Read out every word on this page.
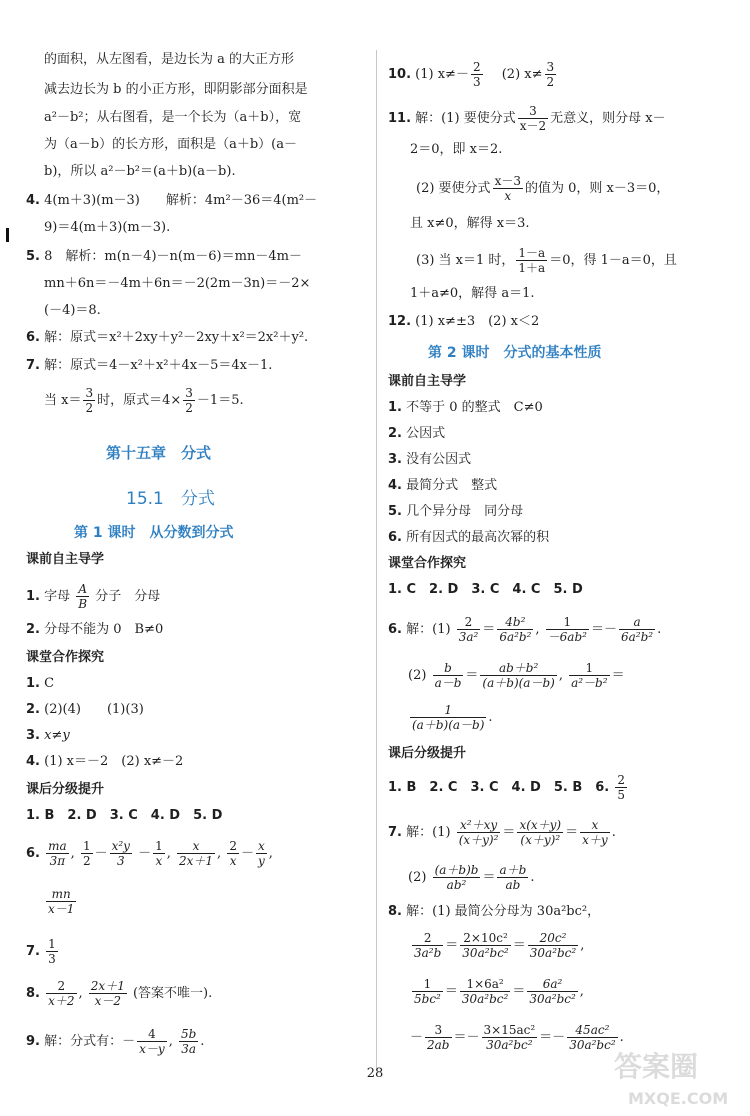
的面积，从左图看，是边长为 a 的大正方形
减去边长为 b 的小正方形，即阴影部分面积是
a²－b²；从右图看，是一个长为（a＋b），宽
为（a－b）的长方形，面积是（a＋b）(a－
b)，所以 a²－b²＝(a＋b)(a－b).
4. 4(m＋3)(m－3)　　解析：4m²－36＝4(m²－
9)＝4(m＋3)(m－3).
5. 8　解析：m(n－4)－n(m－6)＝mn－4m－
mn＋6n＝－4m＋6n＝－2(2m－3n)＝－2×
(－4)＝8.
6. 解：原式＝x²＋2xy＋y²－2xy＋x²＝2x²＋y².
7. 解：原式＝4－x²＋x²＋4x－5＝4x－1.
当 $x= \frac{3}{2}$ 时，原式$=4\times \frac{3}{2} -1=5$.
第十五章　分式
15.1　分式
第 1 课时　从分数到分式
课前自主导学
1. 字母 $\frac{A}{B}$ 分子　分母
2. 分母不能为 0　B≠0
课堂合作探究
1. C
2. (2)(4)　　(1)(3)
3. x≠y
4. (1) x＝－2　(2) x≠－2
课后分级提升
1. B　2. D　3. C　4. D　5. D
6. $\frac{ma}{3\pi}$ , $\frac{1}{2} - \frac{\text{x²y}}{3} - \frac{1}{x}$ , $\frac{x}{2x+1}$ , $\frac{2}{x} - \frac{x}{y}$ ,
$\frac{mn}{x-1}$
7. $\frac{1}{3}$
8. $\frac{2}{x+2}$ , $\frac{2x+1}{x-2}$ (答案不唯一).
9. 解：分式有：－ $\frac{4}{x-y}$ , $\frac{5b}{3a}$ .
10. (1) $x\ne- \frac{2}{3}$
　 (2) $x\ne \frac{3}{2}$
11. 解：(1) 要使分式 $\frac{3}{x-2}$ 无意义，则分母 x－
2＝0，即 x＝2.
(2) 要使分式 $\frac{x-3}{x}$ 的值为 0，则 x－3＝0，
且 x≠0，解得 x＝3.
(3) 当 x＝1 时， $\frac{1-a}{1+a} =0$，得 1－a＝0，且
1＋a≠0，解得 a＝1.
12. (1) x≠±3　(2) x＜2
第 2 课时　分式的基本性质
课前自主导学
1. 不等于 0 的整式　C≠0
2. 公因式
3. 没有公因式
4. 最简分式　整式
5. 几个异分母　同分母
6. 所有因式的最高次幂的积
课堂合作探究
1. C　2. D　3. C　4. C　5. D
6. 解：$(1) \frac{2}{\text{3a²}} = \frac{\text{4b²}}{\text{6a²b²}}$ , $\frac{1}{\text{－6ab²}} =- \frac{a}{\text{6a²b²}}$ .
$(2) \frac{b}{a-b} = \frac{\text{ab＋b²}}{(a+b)(a-b)}$ , $\frac{1}{\text{a²－b²}}$ ＝
$\frac{1}{(a+b)(a-b)}$ .
课后分级提升
1. B　2. C　3. C　4. D　5. B　6. $\frac{2}{5}$
7. 解：$(1) \frac{\text{x²＋xy}}{\text{(x＋y)²}} = \frac{x(x+y)}{\text{(x＋y)²}} = \frac{x}{x+y}$ .
$(2) \frac{(a+b)b}{\text{ab²}} = \frac{a+b}{ab}$ .
8. 解：(1) 最简公分母为 30a²bc²，
$\frac{2}{\text{3a²b}} = \frac{\text{2×10c²}}{\text{30a²bc²}} = \frac{\text{20c²}}{\text{30a²bc²}}$ ,
$\frac{1}{\text{5bc²}} = \frac{\text{1×6a²}}{\text{30a²bc²}} = \frac{\text{6a²}}{\text{30a²bc²}}$ ,
－ $\frac{3}{2ab} =- \frac{\text{3×15ac²}}{\text{30a²bc²}} =- \frac{\text{45ac²}}{\text{30a²bc²}}$ .
28	答案圈
MXQE.COM
